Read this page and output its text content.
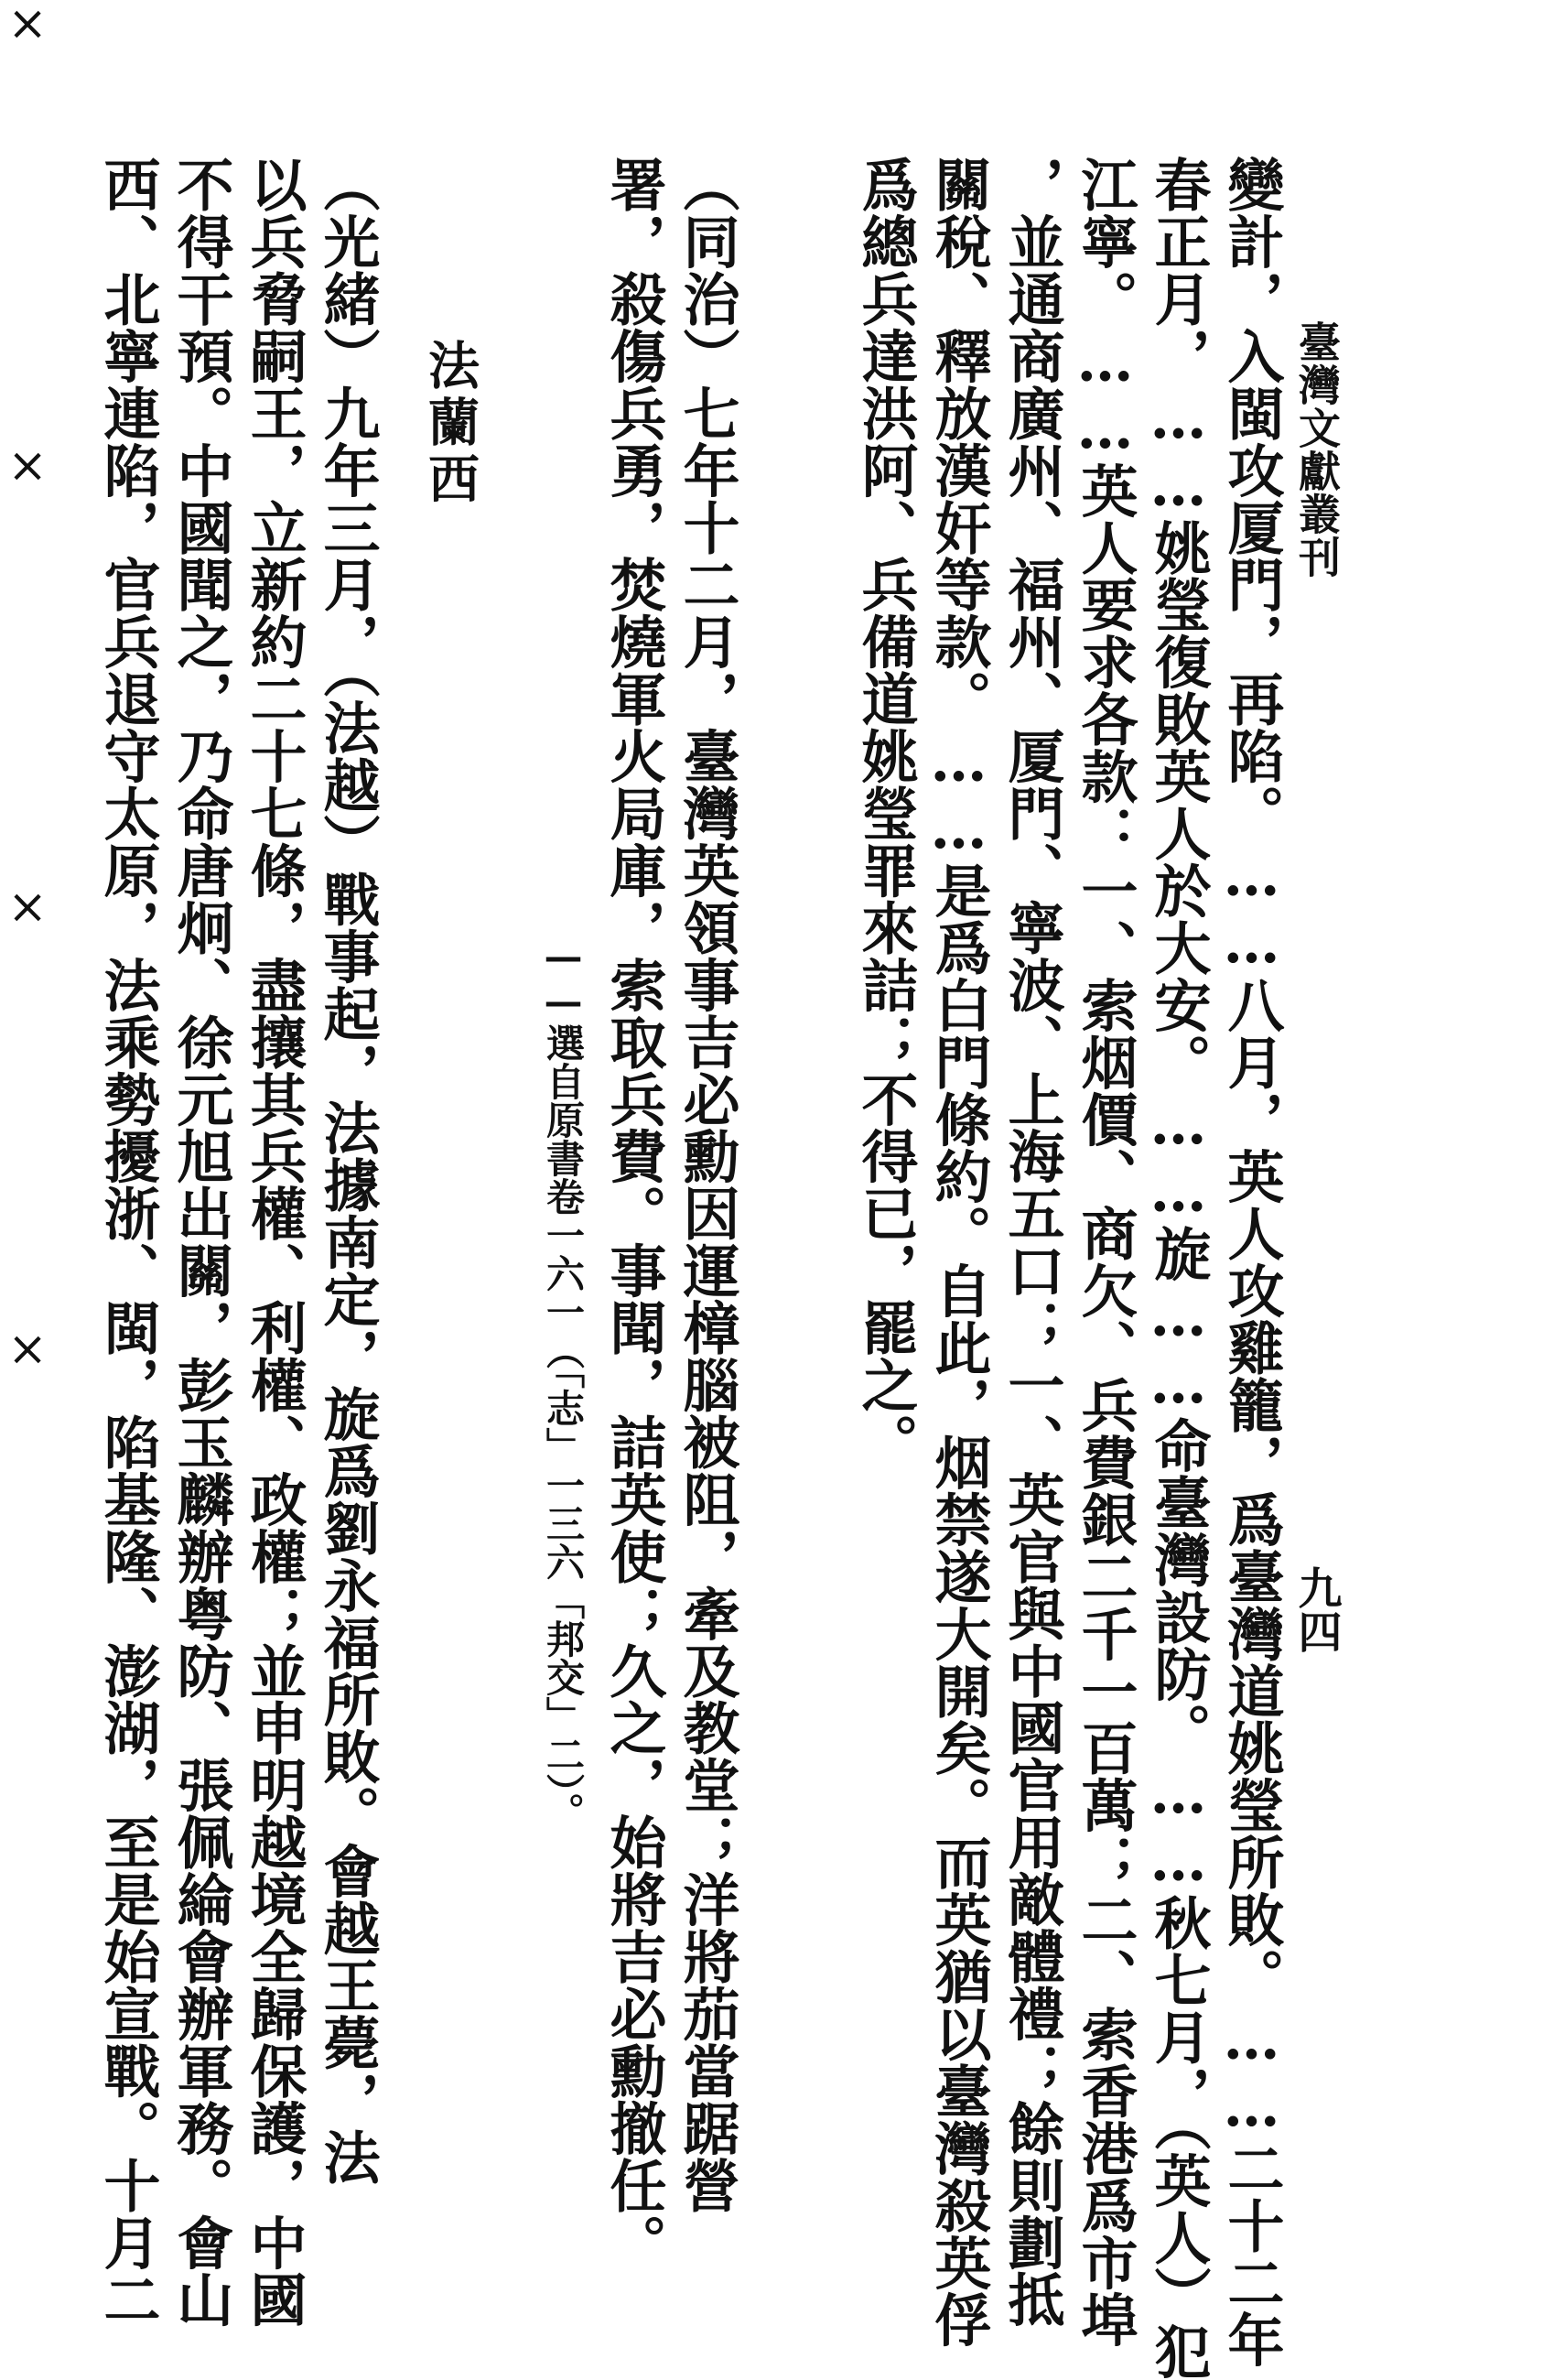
臺灣文獻叢刊
九四
變計，入閩攻厦門，再陷。……八月，英人攻雞籠，爲臺灣道姚瑩所敗。……二十二年
春正月，……姚瑩復敗英人於大安。……旋……命臺灣設防。……秋七月，（英人）犯
江寧。……英人要求各款：一、索烟價、商欠、兵費銀二千一百萬；二、索香港爲市埠
，並通商廣州、福州、厦門、寧波、上海五口；一、英官與中國官用敵體禮；餘則劃抵
關稅、釋放漢奸等款。……是爲白門條約。自此，烟禁遂大開矣。而英猶以臺灣殺英俘
爲總兵達洪阿、兵備道姚瑩罪來詰；不得已，罷之。
×
×
×
×	（同治）七年十二月，臺灣英領事吉必勳因運樟腦被阻，牽及教堂；洋將茄當踞營
署，殺傷兵勇，焚燒軍火局庫，索取兵費。事聞，詰英使；久之，始將吉必勳撤任。
——選自原書卷一六一（「志」一三六「邦交」二）。
法蘭西
（光緒）九年三月，（法越）戰事起，法據南定，旋爲劉永福所敗。會越王薨，法
以兵脅嗣王，立新約二十七條，盡攘其兵權、利權、政權；並申明越境全歸保護，中國
不得干預。中國聞之，乃命唐炯、徐元旭出關，彭玉麟辦粤防、張佩綸會辦軍務。會山
西、北寧連陷，官兵退守太原，法乘勢擾浙、閩，陷基隆、澎湖，至是始宣戰。十月二
